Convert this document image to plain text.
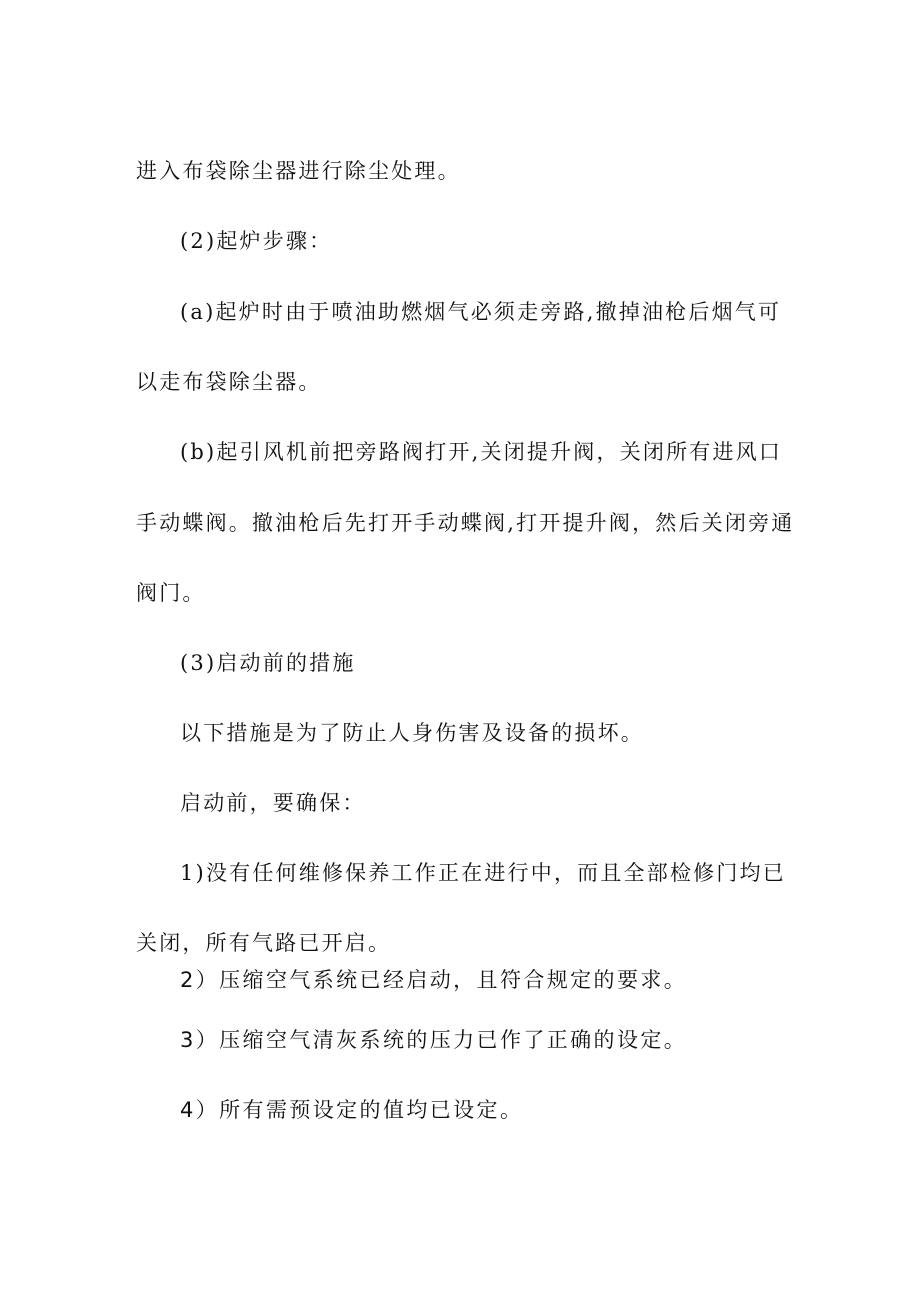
进入布袋除尘器进行除尘处理。
(2)起炉步骤：
(a)起炉时由于喷油助燃烟气必须走旁路,撤掉油枪后烟气可
以走布袋除尘器。
(b)起引风机前把旁路阀打开,关闭提升阀，关闭所有进风口
手动蝶阀。撤油枪后先打开手动蝶阀,打开提升阀，然后关闭旁通
阀门。
(3)启动前的措施
以下措施是为了防止人身伤害及设备的损坏。
启动前，要确保：
1)没有任何维修保养工作正在进行中，而且全部检修门均已
关闭，所有气路已开启。
2）压缩空气系统已经启动，且符合规定的要求。
3）压缩空气清灰系统的压力已作了正确的设定。
4）所有需预设定的值均已设定。
